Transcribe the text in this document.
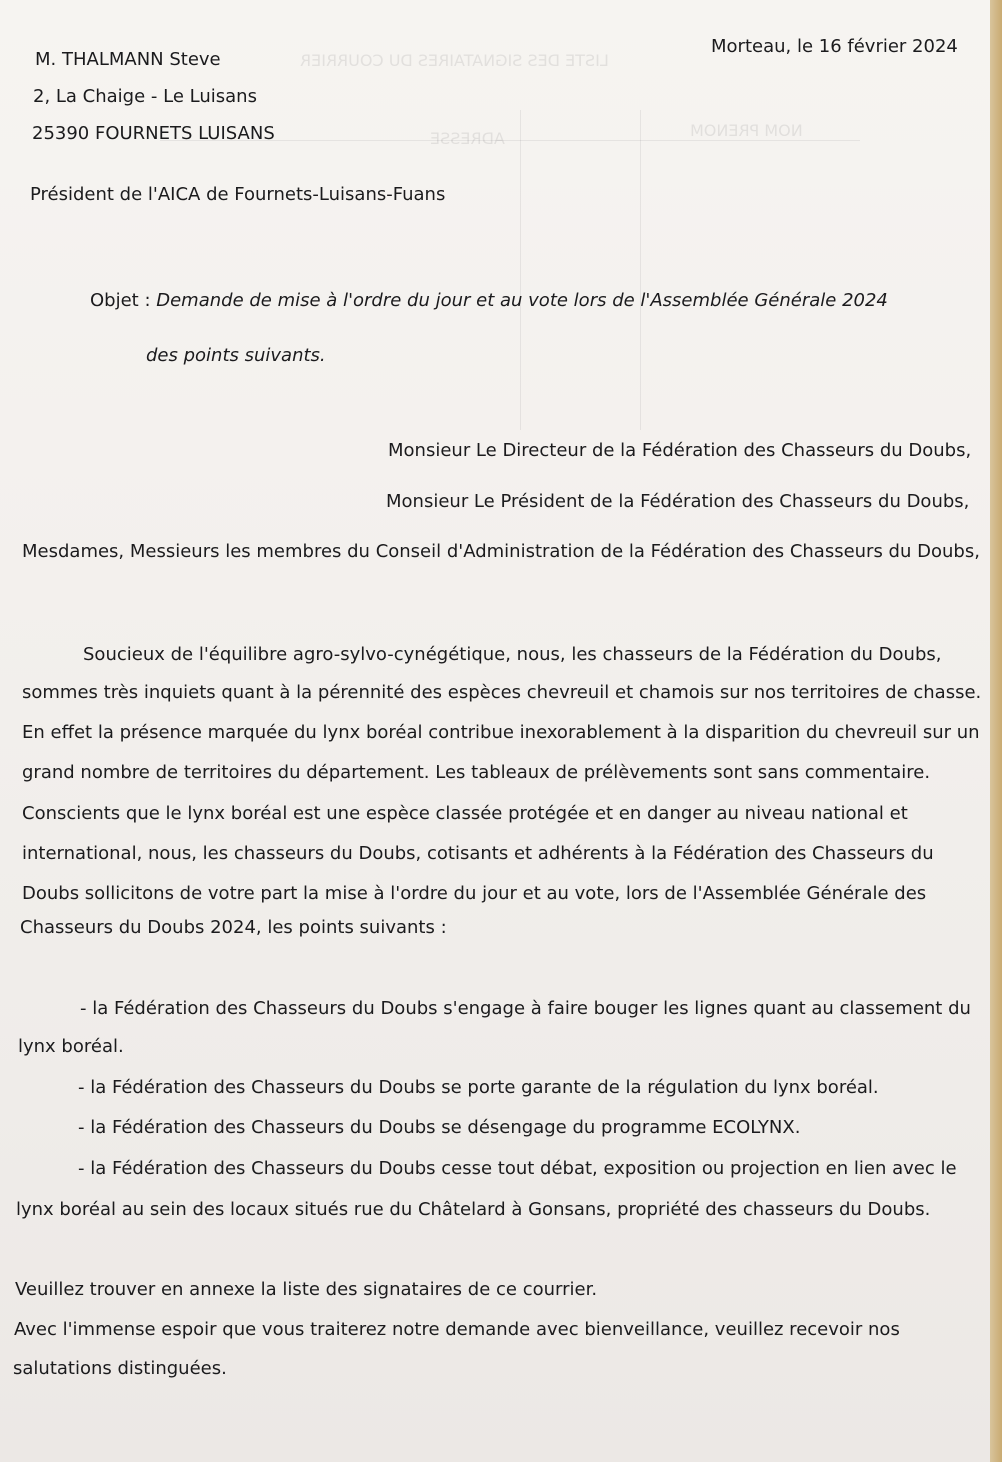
LISTE DES SIGNATAIRES DU COURRIER
ADRESSE	NOM PRENOM
M. THALMANN Steve
2, La Chaige - Le Luisans
25390 FOURNETS LUISANS
Président de l'AICA de Fournets-Luisans-Fuans
Morteau, le 16 février 2024
Objet : Demande de mise à l'ordre du jour et au vote lors de l'Assemblée Générale 2024
des points suivants.
Monsieur Le Directeur de la Fédération des Chasseurs du Doubs,
Monsieur Le Président de la Fédération des Chasseurs du Doubs,
Mesdames, Messieurs les membres du Conseil d'Administration de la Fédération des Chasseurs du Doubs,
Soucieux de l'équilibre agro-sylvo-cynégétique, nous, les chasseurs de la Fédération du Doubs,
sommes très inquiets quant à la pérennité des espèces chevreuil et chamois sur nos territoires de chasse.
En effet la présence marquée du lynx boréal contribue inexorablement à la disparition du chevreuil sur un
grand nombre de territoires du département. Les tableaux de prélèvements sont sans commentaire.
Conscients que le lynx boréal est une espèce classée protégée et en danger au niveau national et
international, nous, les chasseurs du Doubs, cotisants et adhérents à la Fédération des Chasseurs du
Doubs sollicitons de votre part la mise à l'ordre du jour et au vote, lors de l'Assemblée Générale des
Chasseurs du Doubs 2024, les points suivants :
- la Fédération des Chasseurs du Doubs s'engage à faire bouger les lignes quant au classement du
lynx boréal.
- la Fédération des Chasseurs du Doubs se porte garante de la régulation du lynx boréal.
- la Fédération des Chasseurs du Doubs se désengage du programme ECOLYNX.
- la Fédération des Chasseurs du Doubs cesse tout débat, exposition ou projection en lien avec le
lynx boréal au sein des locaux situés rue du Châtelard à Gonsans, propriété des chasseurs du Doubs.
Veuillez trouver en annexe la liste des signataires de ce courrier.
Avec l'immense espoir que vous traiterez notre demande avec bienveillance, veuillez recevoir nos
salutations distinguées.
